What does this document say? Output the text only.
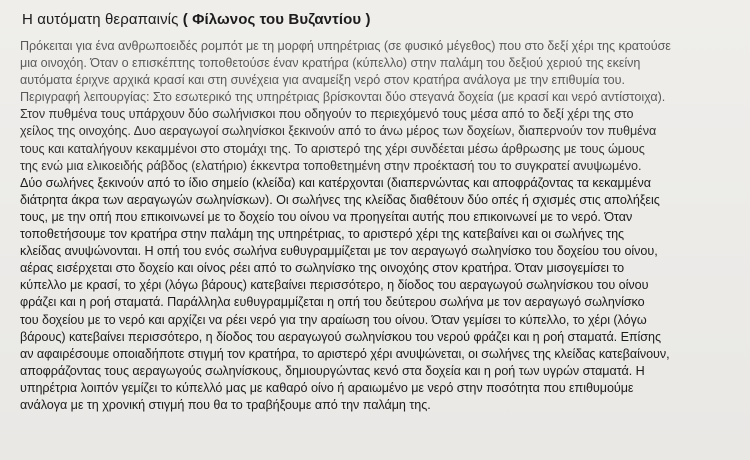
Η αυτόματη θεραπαινίς ( Φίλωνος του Βυζαντίου )
Πρόκειται για ένα ανθρωποειδές ρομπότ με τη μορφή υπηρέτριας (σε φυσικό μέγεθος) που στο δεξί χέρι της κρατούσε
μια οινοχόη. Όταν ο επισκέπτης τοποθετούσε έναν κρατήρα (κύπελλο) στην παλάμη του δεξιού χεριού της εκείνη
αυτόματα έριχνε αρχικά κρασί και στη συνέχεια για αναμείξη νερό στον κρατήρα ανάλογα με την επιθυμία του.
Περιγραφή λειτουργίας: Στο εσωτερικό της υπηρέτριας βρίσκονται δύο στεγανά δοχεία (με κρασί και νερό αντίστοιχα).
Στον πυθμένα τους υπάρχουν δύο σωλήνισκοι που οδηγούν το περιεχόμενό τους μέσα από το δεξί χέρι της στο
χείλος της οινοχόης. Δυο αεραγωγοί σωληνίσκοι ξεκινούν από το άνω μέρος των δοχείων, διαπερνούν τον πυθμένα
τους και καταλήγουν κεκαμμένοι στο στομάχι της. Το αριστερό της χέρι συνδέεται μέσω άρθρωσης με τους ώμους
της ενώ μια ελικοειδής ράβδος (ελατήριο) έκκεντρα τοποθετημένη στην προέκτασή του το συγκρατεί ανυψωμένο.
Δύο σωλήνες ξεκινούν από το ίδιο σημείο (κλείδα) και κατέρχονται (διαπερνώντας και αποφράζοντας τα κεκαμμένα
διάτρητα άκρα των αεραγωγών σωληνίσκων). Οι σωλήνες της κλείδας διαθέτουν δύο οπές ή σχισμές στις απολήξεις
τους, με την οπή που επικοινωνεί με το δοχείο του οίνου να προηγείται αυτής που επικοινωνεί με το νερό. Όταν
τοποθετήσουμε τον κρατήρα στην παλάμη της υπηρέτριας, το αριστερό χέρι της κατεβαίνει και οι σωλήνες της
κλείδας ανυψώνονται. Η οπή του ενός σωλήνα ευθυγραμμίζεται με τον αεραγωγό σωληνίσκο του δοχείου του οίνου,
αέρας εισέρχεται στο δοχείο και οίνος ρέει από το σωληνίσκο της οινοχόης στον κρατήρα. Όταν μισογεμίσει το
κύπελλο με κρασί, το χέρι (λόγω βάρους) κατεβαίνει περισσότερο, η δίοδος του αεραγωγού σωληνίσκου του οίνου
φράζει και η ροή σταματά. Παράλληλα ευθυγραμμίζεται η οπή του δεύτερου σωλήνα με τον αεραγωγό σωληνίσκο
του δοχείου με το νερό και αρχίζει να ρέει νερό για την αραίωση του οίνου. Όταν γεμίσει το κύπελλο, το χέρι (λόγω
βάρους) κατεβαίνει περισσότερο, η δίοδος του αεραγωγού σωληνίσκου του νερού φράζει και η ροή σταματά. Επίσης
αν αφαιρέσουμε οποιαδήποτε στιγμή τον κρατήρα, το αριστερό χέρι ανυψώνεται, οι σωλήνες της κλείδας κατεβαίνουν,
αποφράζοντας τους αεραγωγούς σωληνίσκους, δημιουργώντας κενό στα δοχεία και η ροή των υγρών σταματά. Η
υπηρέτρια λοιπόν γεμίζει το κύπελλό μας με καθαρό οίνο ή αραιωμένο με νερό στην ποσότητα που επιθυμούμε
ανάλογα με τη χρονική στιγμή που θα το τραβήξουμε από την παλάμη της.
